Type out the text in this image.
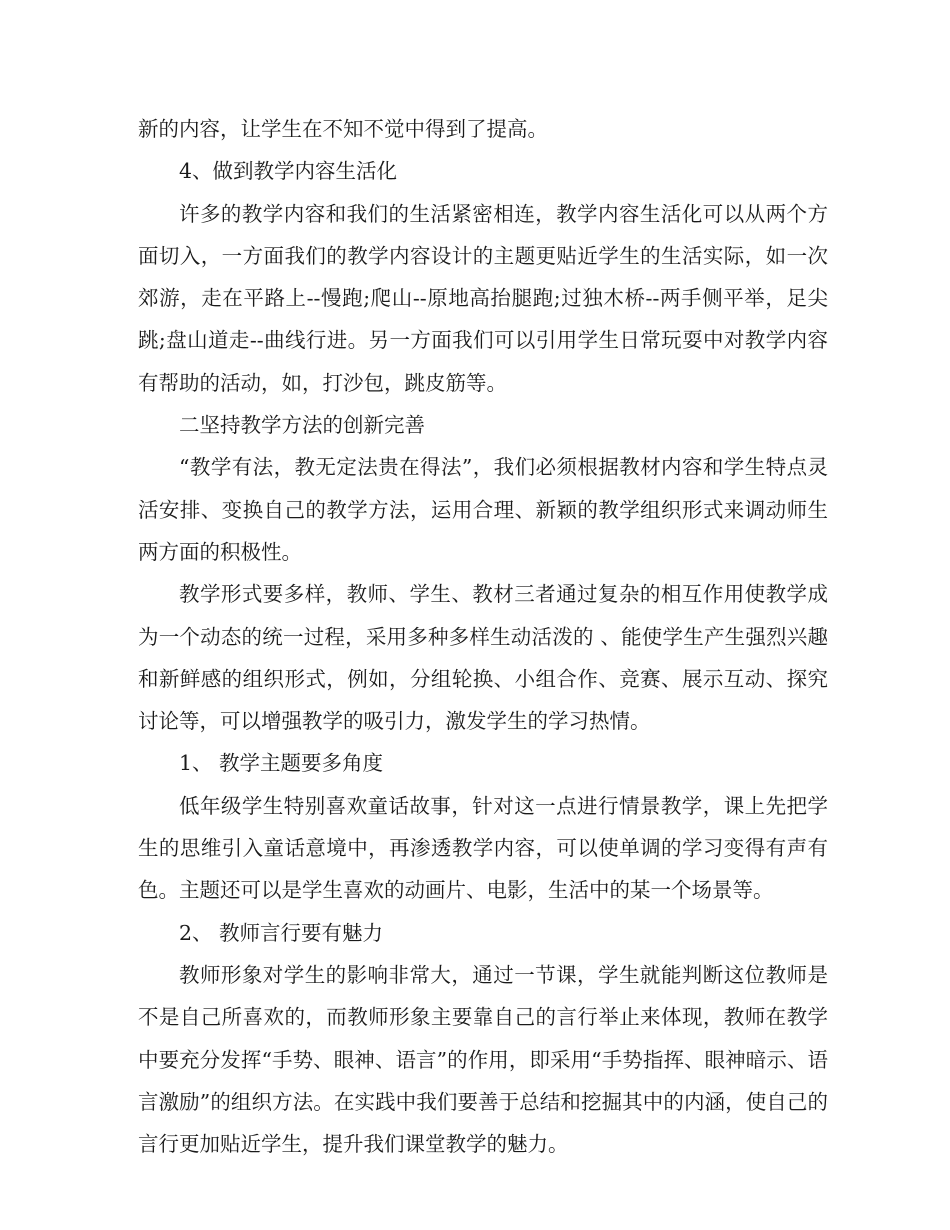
新的内容，让学生在不知不觉中得到了提高。

4、做到教学内容生活化

许多的教学内容和我们的生活紧密相连，教学内容生活化可以从两个方面切入，一方面我们的教学内容设计的主题更贴近学生的生活实际，如一次郊游，走在平路上--慢跑;爬山--原地高抬腿跑;过独木桥--两手侧平举，足尖跳;盘山道走--曲线行进。另一方面我们可以引用学生日常玩耍中对教学内容有帮助的活动，如，打沙包，跳皮筋等。

二坚持教学方法的创新完善

“教学有法，教无定法贵在得法”，我们必须根据教材内容和学生特点灵活安排、变换自己的教学方法，运用合理、新颖的教学组织形式来调动师生两方面的积极性。

教学形式要多样，教师、学生、教材三者通过复杂的相互作用使教学成为一个动态的统一过程，采用多种多样生动活泼的 、能使学生产生强烈兴趣和新鲜感的组织形式，例如，分组轮换、小组合作、竞赛、展示互动、探究讨论等，可以增强教学的吸引力，激发学生的学习热情。

1、 教学主题要多角度

低年级学生特别喜欢童话故事，针对这一点进行情景教学，课上先把学生的思维引入童话意境中，再渗透教学内容，可以使单调的学习变得有声有色。主题还可以是学生喜欢的动画片、电影，生活中的某一个场景等。

2、 教师言行要有魅力

教师形象对学生的影响非常大，通过一节课，学生就能判断这位教师是不是自己所喜欢的，而教师形象主要靠自己的言行举止来体现，教师在教学中要充分发挥“手势、眼神、语言”的作用，即采用“手势指挥、眼神暗示、语言激励”的组织方法。在实践中我们要善于总结和挖掘其中的内涵，使自己的言行更加贴近学生，提升我们课堂教学的魅力。
